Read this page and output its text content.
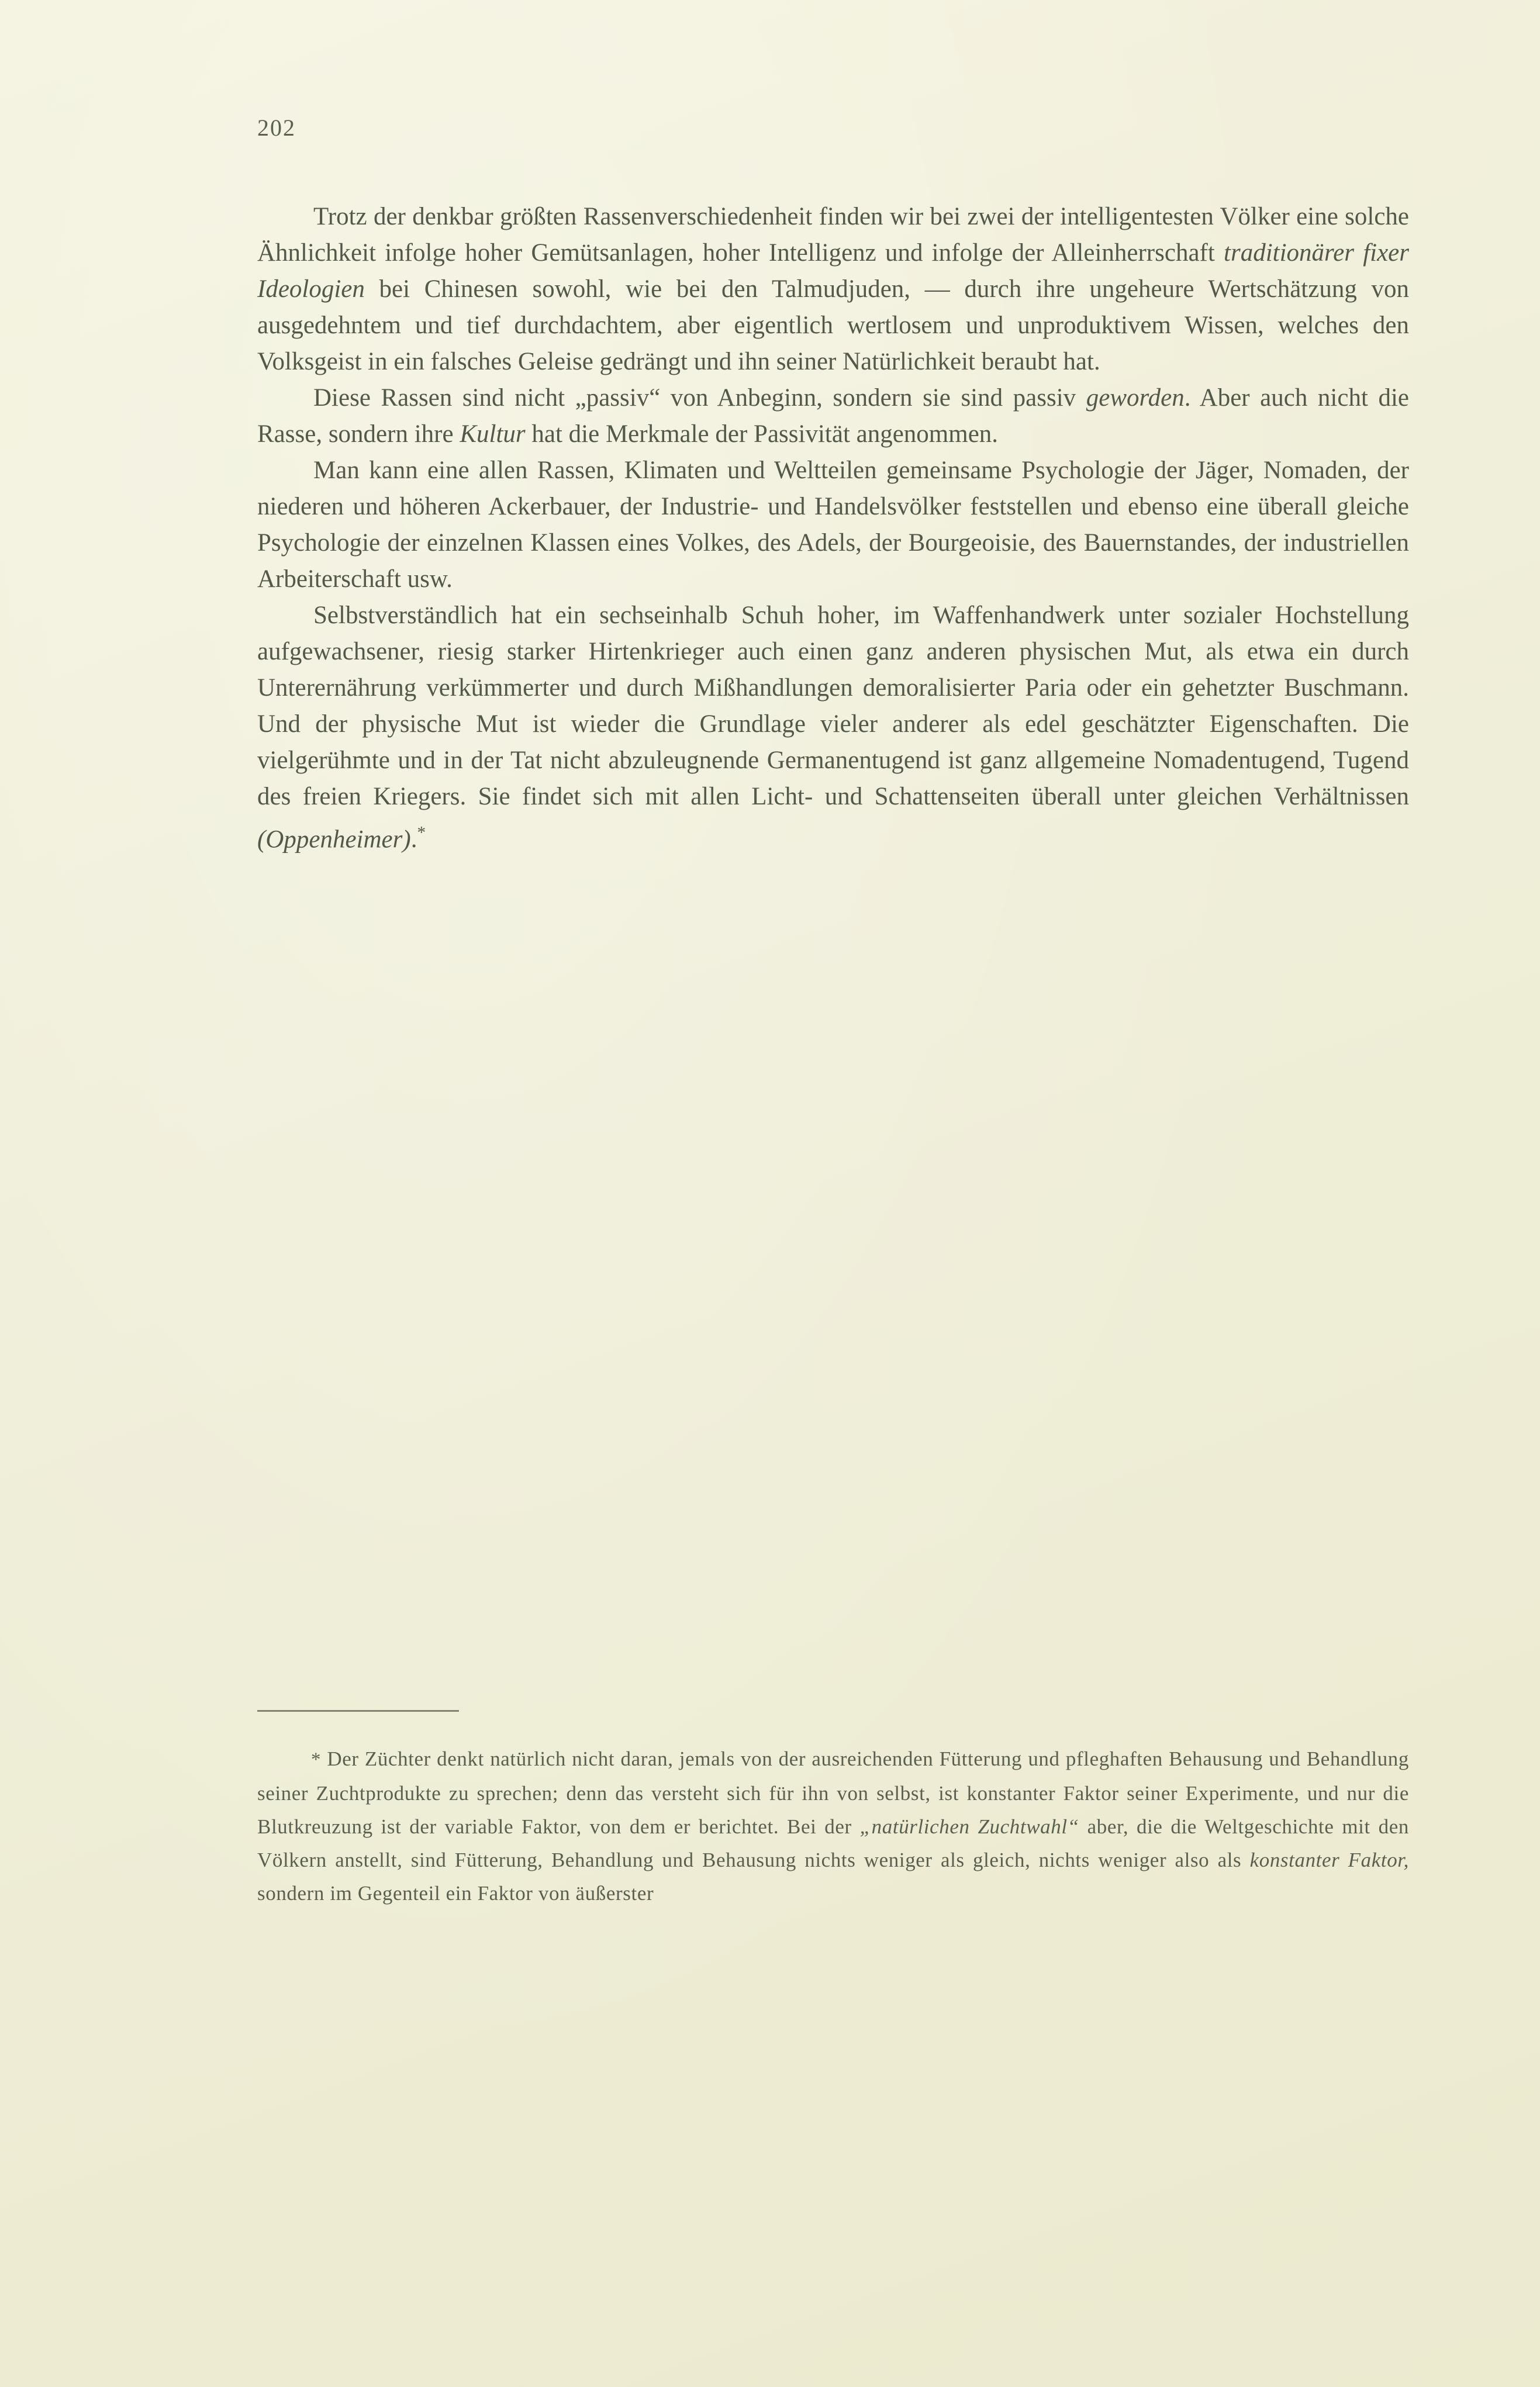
202

Trotz der denkbar größten Rassenverschiedenheit finden wir bei zwei der intelligentesten Völker eine solche Ähnlichkeit infolge hoher Gemütsanlagen, hoher Intelligenz und infolge der Alleinherrschaft traditionärer fixer Ideologien bei Chinesen sowohl, wie bei den Talmudjuden, — durch ihre ungeheure Wertschätzung von ausgedehntem und tief durchdachtem, aber eigentlich wertlosem und unproduktivem Wissen, welches den Volksgeist in ein falsches Geleise gedrängt und ihn seiner Natürlichkeit beraubt hat.

Diese Rassen sind nicht „passiv“ von Anbeginn, sondern sie sind passiv geworden. Aber auch nicht die Rasse, sondern ihre Kultur hat die Merkmale der Passivität angenommen.

Man kann eine allen Rassen, Klimaten und Weltteilen gemeinsame Psychologie der Jäger, Nomaden, der niederen und höheren Ackerbauer, der Industrie- und Handelsvölker feststellen und ebenso eine überall gleiche Psychologie der einzelnen Klassen eines Volkes, des Adels, der Bourgeoisie, des Bauernstandes, der industriellen Arbeiterschaft usw.

Selbstverständlich hat ein sechseinhalb Schuh hoher, im Waffenhandwerk unter sozialer Hochstellung aufgewachsener, riesig starker Hirtenkrieger auch einen ganz anderen physischen Mut, als etwa ein durch Unterernährung verkümmerter und durch Mißhandlungen demoralisierter Paria oder ein gehetzter Buschmann. Und der physische Mut ist wieder die Grundlage vieler anderer als edel geschätzter Eigenschaften. Die vielgerühmte und in der Tat nicht abzuleugnende Germanentugend ist ganz allgemeine Nomadentugend, Tugend des freien Kriegers. Sie findet sich mit allen Licht- und Schattenseiten überall unter gleichen Verhältnissen (Oppenheimer).*

* Der Züchter denkt natürlich nicht daran, jemals von der ausreichenden Fütterung und pfleghaften Behausung und Behandlung seiner Zuchtprodukte zu sprechen; denn das versteht sich für ihn von selbst, ist konstanter Faktor seiner Experimente, und nur die Blutkreuzung ist der variable Faktor, von dem er berichtet. Bei der „natürlichen Zuchtwahl“ aber, die die Weltgeschichte mit den Völkern anstellt, sind Fütterung, Behandlung und Behausung nichts weniger als gleich, nichts weniger also als konstanter Faktor, sondern im Gegenteil ein Faktor von äußerster
